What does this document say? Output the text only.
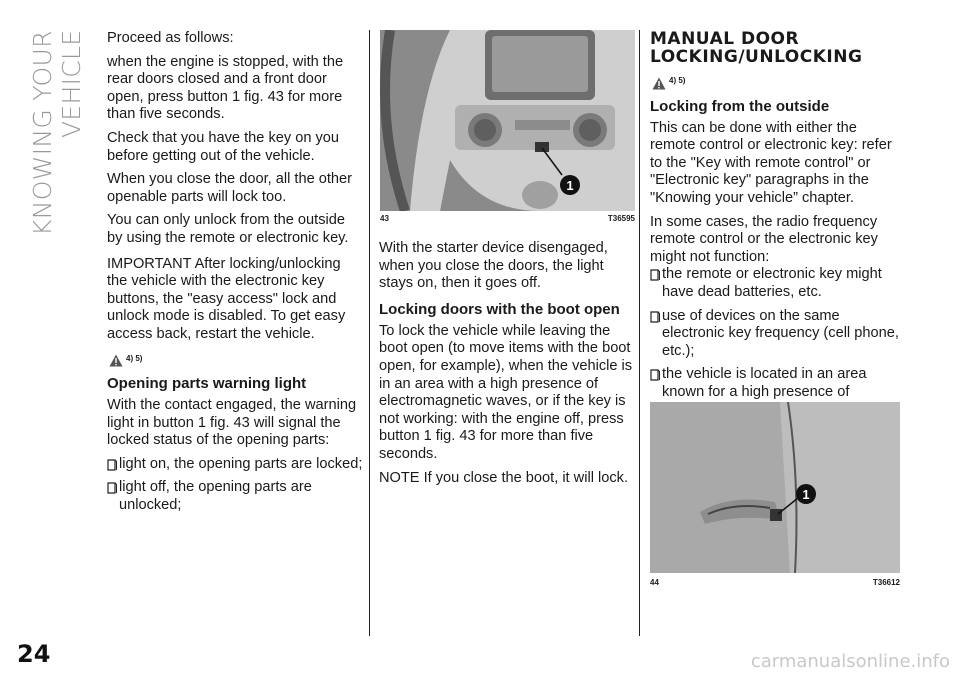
KNOWING YOUR VEHICLE
24

Proceed as follows:

when the engine is stopped, with the rear doors closed and a front door open, press button 1 fig. 43 for more than five seconds.

Check that you have the key on you before getting out of the vehicle.

When you close the door, all the other openable parts will lock too.

You can only unlock from the outside by using the remote or electronic key.

IMPORTANT After locking/unlocking the vehicle with the electronic key buttons, the "easy access" lock and unlock mode is disabled. To get easy access back, restart the vehicle.

4) 5)
Opening parts warning light

With the contact engaged, the warning light in button 1 fig. 43 will signal the locked status of the opening parts:

light on, the opening parts are locked;
light off, the opening parts are unlocked;
1
43	T36595

With the starter device disengaged, when you close the doors, the light stays on, then it goes off.

Locking doors with the boot open

To lock the vehicle while leaving the boot open (to move items with the boot open, for example), when the vehicle is in an area with a high presence of electromagnetic waves, or if the key is not working: with the engine off, press button 1 fig. 43 for more than five seconds.

NOTE If you close the boot, it will lock.

MANUAL DOOR
LOCKING/UNLOCKING
4) 5)
Locking from the outside

This can be done with either the remote control or electronic key: refer to the "Key with remote control" or "Electronic key" paragraphs in the "Knowing your vehicle” chapter.

In some cases, the radio frequency remote control or the electronic key might not function:

the remote or electronic key might have dead batteries, etc.
use of devices on the same electronic key frequency (cell phone, etc.);
the vehicle is located in an area known for a high presence of
1
44	T36612
carmanualsonline.info
